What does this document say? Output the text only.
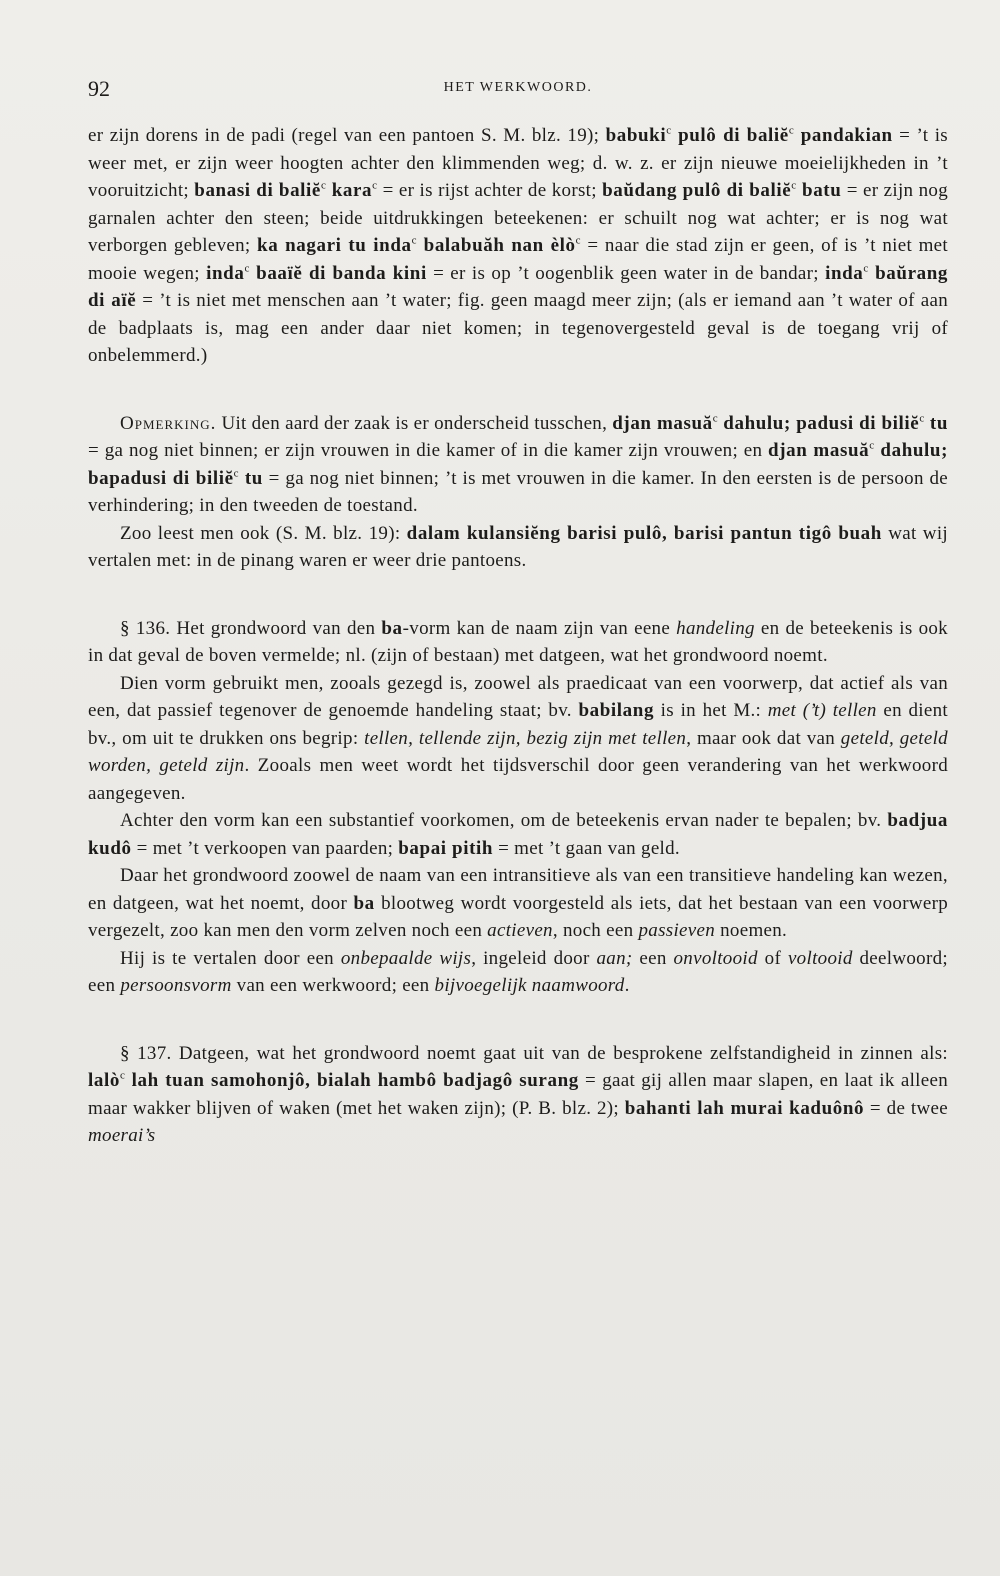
92	HET WERKWOORD.

er zijn dorens in de padi (regel van een pantoen S. M. blz. 19); babuki$^c$ pulô di baliĕ$^c$ pandakian = ’t is weer met, er zijn weer hoogten achter den klimmenden weg; d. w. z. er zijn nieuwe moeielijkheden in ’t vooruitzicht; banasi di baliĕ$^c$ kara$^c$ = er is rijst achter de korst; baŭdang pulô di baliĕ$^c$ batu = er zijn nog garnalen achter den steen; beide uitdrukkingen beteekenen: er schuilt nog wat achter; er is nog wat verborgen gebleven; ka nagari tu inda$^c$ balabuăh nan èlò$^c$ = naar die stad zijn er geen, of is ’t niet met mooie wegen; inda$^c$ baaïĕ di banda kini = er is op ’t oogenblik geen water in de bandar; inda$^c$ baŭrang di aïĕ = ’t is niet met menschen aan ’t water; fig. geen maagd meer zijn; (als er iemand aan ’t water of aan de badplaats is, mag een ander daar niet komen; in tegenovergesteld geval is de toegang vrij of onbelemmerd.)

Opmerking. Uit den aard der zaak is er onderscheid tusschen, djan masuă$^c$ dahulu; padusi di biliĕ$^c$ tu = ga nog niet binnen; er zijn vrouwen in die kamer of in die kamer zijn vrouwen; en djan masuă$^c$ dahulu; bapadusi di biliĕ$^c$ tu = ga nog niet binnen; ’t is met vrouwen in die kamer. In den eersten is de persoon de verhindering; in den tweeden de toestand.

Zoo leest men ook (S. M. blz. 19): dalam kulansiĕng barisi pulô, barisi pantun tigô buah wat wij vertalen met: in de pinang waren er weer drie pantoens.

§ 136. Het grondwoord van den ba-vorm kan de naam zijn van eene handeling en de beteekenis is ook in dat geval de boven vermelde; nl. (zijn of bestaan) met datgeen, wat het grondwoord noemt.

Dien vorm gebruikt men, zooals gezegd is, zoowel als praedicaat van een voorwerp, dat actief als van een, dat passief tegenover de genoemde handeling staat; bv. babilang is in het M.: met (’t) tellen en dient bv., om uit te drukken ons begrip: tellen, tellende zijn, bezig zijn met tellen, maar ook dat van geteld, geteld worden, geteld zijn. Zooals men weet wordt het tijdsverschil door geen verandering van het werkwoord aangegeven.

Achter den vorm kan een substantief voorkomen, om de beteekenis ervan nader te bepalen; bv. badjua kudô = met ’t verkoopen van paarden; bapai pitih = met ’t gaan van geld.

Daar het grondwoord zoowel de naam van een intransitieve als van een transitieve handeling kan wezen, en datgeen, wat het noemt, door ba blootweg wordt voorgesteld als iets, dat het bestaan van een voorwerp vergezelt, zoo kan men den vorm zelven noch een actieven, noch een passieven noemen.

Hij is te vertalen door een onbepaalde wijs, ingeleid door aan; een onvoltooid of voltooid deelwoord; een persoonsvorm van een werkwoord; een bijvoegelijk naamwoord.

§ 137. Datgeen, wat het grondwoord noemt gaat uit van de besprokene zelfstandigheid in zinnen als: lalò$^c$ lah tuan samohonjô, bialah hambô badjagô surang = gaat gij allen maar slapen, en laat ik alleen maar wakker blijven of waken (met het waken zijn); (P. B. blz. 2); bahanti lah murai kaduônô = de twee moerai’s
